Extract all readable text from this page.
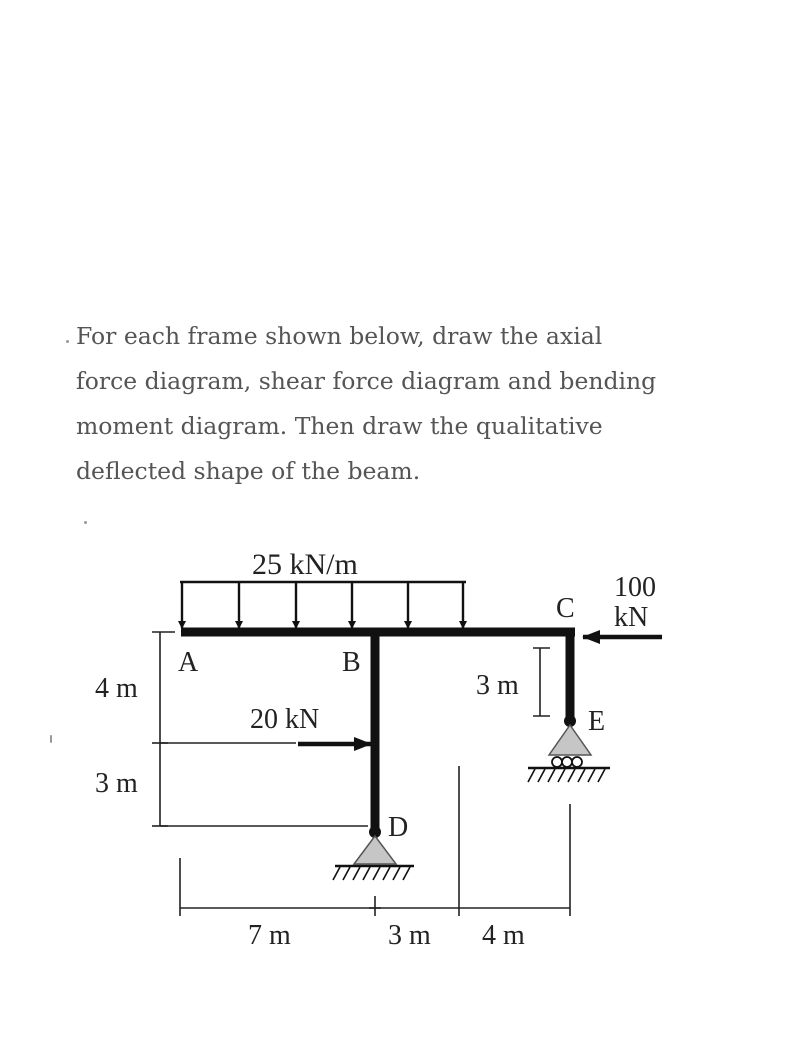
For each frame shown below, draw the axial
force diagram, shear force diagram and bending
moment diagram. Then draw the qualitative
deflected shape of the beam.
25 kN/m
A	B
C
D
E
100
kN
20 kN
4 m
3 m
3 m
7 m	3 m 4 m
